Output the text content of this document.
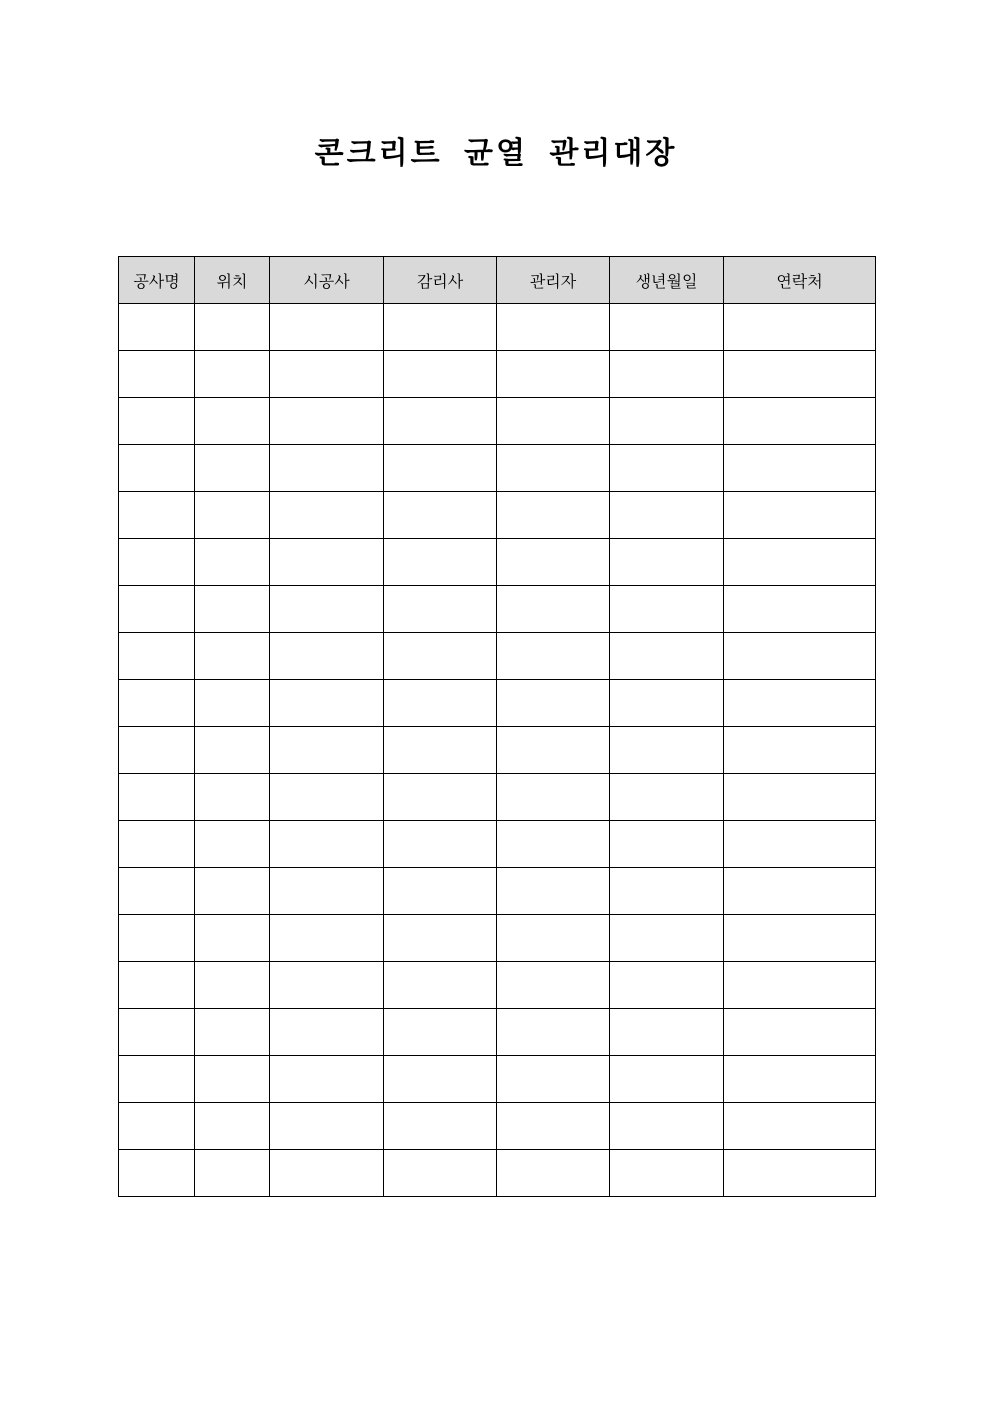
콘크리트 균열 관리대장
공사명	위치	시공사	감리사	관리자	생년월일	연락처
